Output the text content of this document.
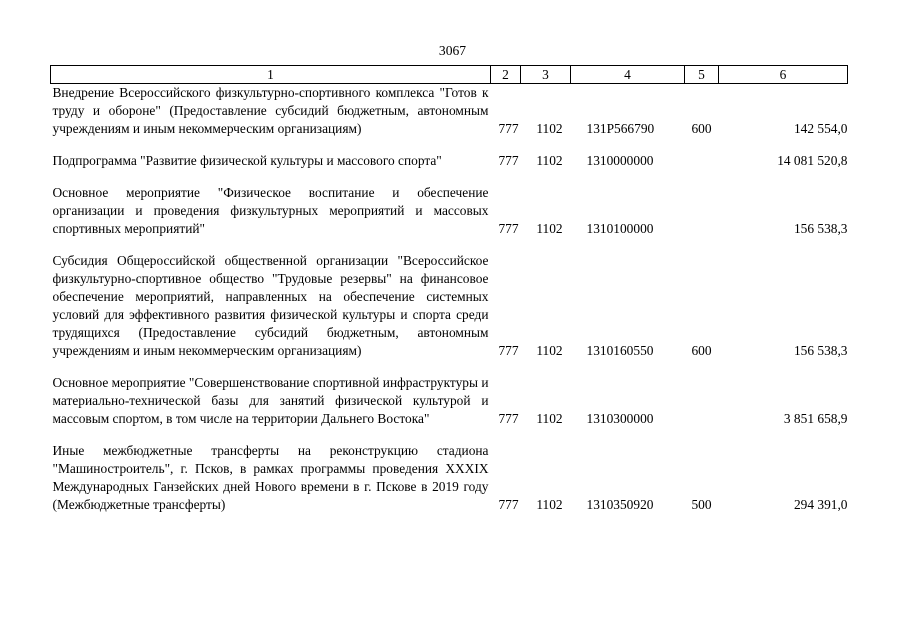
3067
1	2	3	4	5	6
Внедрение Всероссийского физкультурно-спортивного комплекса "Готов к труду и обороне" (Предоставление субсидий бюджетным, автономным учреждениям и иным некоммерческим организациям)	777	1102	131P566790	600	142 554,0

Подпрограмма "Развитие физической культуры и массового спорта"	777	1102	1310000000		14 081 520,8

Основное мероприятие "Физическое воспитание и обеспечение организации и проведения физкультурных мероприятий и массовых спортивных мероприятий"	777	1102	1310100000		156 538,3

Субсидия Общероссийской общественной организации "Всероссийское физкультурно-спортивное общество "Трудовые резервы" на финансовое обеспечение мероприятий, направленных на обеспечение системных условий для эффективного развития физической культуры и спорта среди трудящихся (Предоставление субсидий бюджетным, автономным учреждениям и иным некоммерческим организациям)	777	1102	1310160550	600	156 538,3

Основное мероприятие "Совершенствование спортивной инфраструктуры и материально-технической базы для занятий физической культурой и массовым спортом, в том числе на территории Дальнего Востока"	777	1102	1310300000		3 851 658,9

Иные межбюджетные трансферты на реконструкцию стадиона "Машиностроитель", г. Псков, в рамках программы проведения XXXIX Международных Ганзейских дней Нового времени в г. Пскове в 2019 году (Межбюджетные трансферты)	777	1102	1310350920	500	294 391,0
